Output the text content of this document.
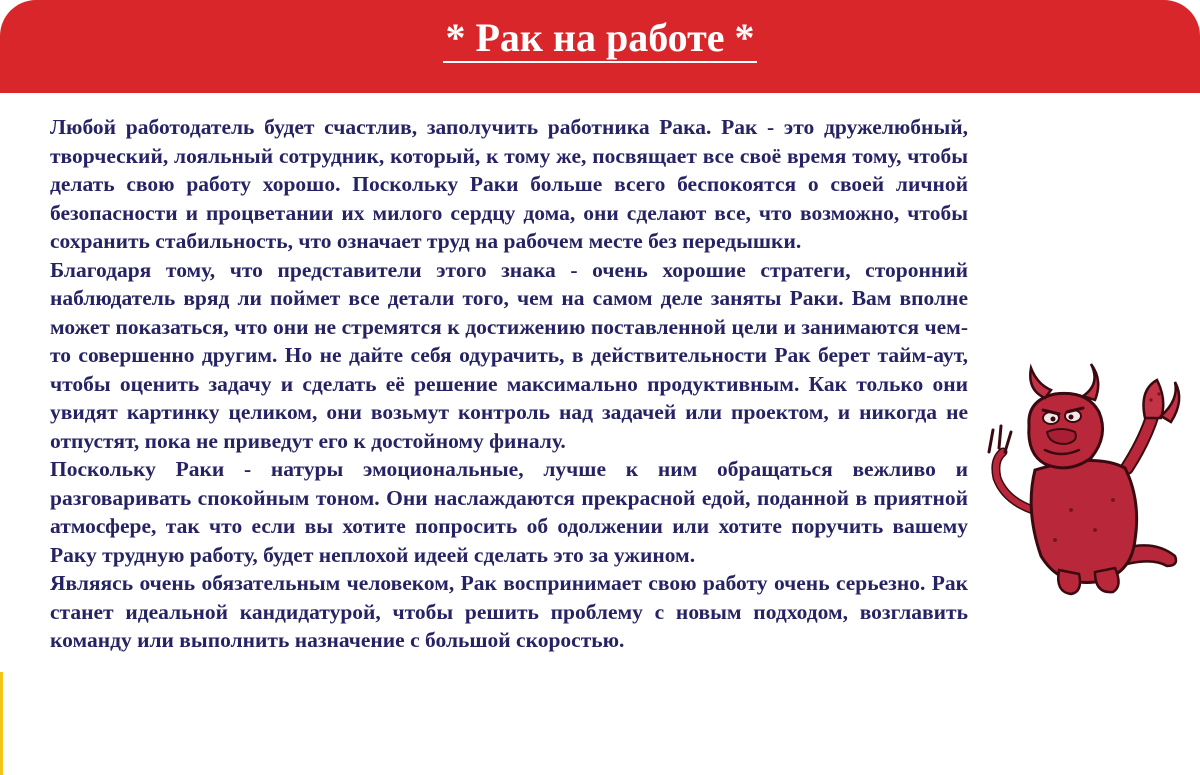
* Рак на работе *

Любой работодатель будет счастлив, заполучить работника Рака. Рак - это дружелюбный, творческий, лояльный сотрудник, который, к тому же, посвящает все своё время тому, чтобы делать свою работу хорошо. Поскольку Раки больше всего беспокоятся о своей личной безопасности и процветании их милого сердцу дома, они сделают все, что возможно, чтобы сохранить стабильность, что означает труд на рабочем месте без передышки.

Благодаря тому, что представители этого знака - очень хорошие стратеги, сторонний наблюдатель вряд ли поймет все детали того, чем на самом деле заняты Раки. Вам вполне может показаться, что они не стремятся к достижению поставленной цели и занимаются чем-то совершенно другим. Но не дайте себя одурачить, в действительности Рак берет тайм-аут, чтобы оценить задачу и сделать её решение максимально продуктивным. Как только они увидят картинку целиком, они возьмут контроль над задачей или проектом, и никогда не отпустят, пока не приведут его к достойному финалу.

Поскольку Раки - натуры эмоциональные, лучше к ним обращаться вежливо и разговаривать спокойным тоном. Они наслаждаются прекрасной едой, поданной в приятной атмосфере, так что если вы хотите попросить об одолжении или хотите поручить вашему Раку трудную работу, будет неплохой идеей сделать это за ужином.

Являясь очень обязательным человеком, Рак воспринимает свою работу очень серьезно. Рак станет идеальной кандидатурой, чтобы решить проблему с новым подходом, возглавить команду или выполнить назначение с большой скоростью.
